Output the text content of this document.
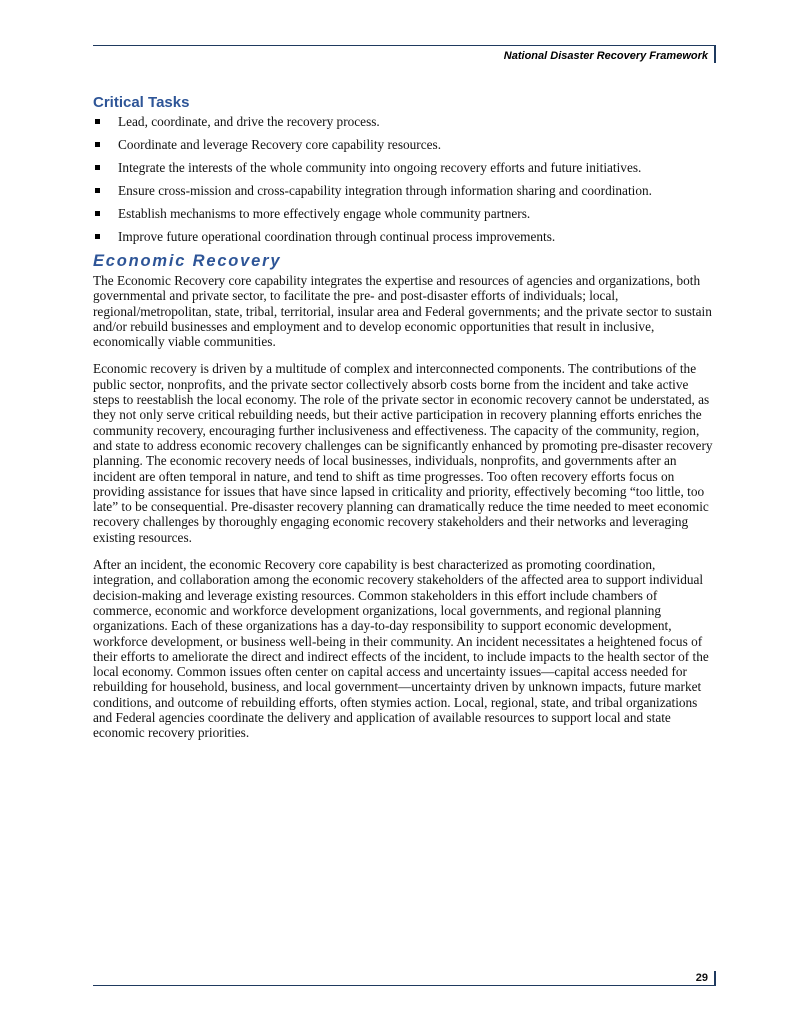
National Disaster Recovery Framework
Critical Tasks
Lead, coordinate, and drive the recovery process.
Coordinate and leverage Recovery core capability resources.
Integrate the interests of the whole community into ongoing recovery efforts and future initiatives.
Ensure cross-mission and cross-capability integration through information sharing and coordination.
Establish mechanisms to more effectively engage whole community partners.
Improve future operational coordination through continual process improvements.
Economic Recovery

The Economic Recovery core capability integrates the expertise and resources of agencies and organizations, both governmental and private sector, to facilitate the pre- and post-disaster efforts of individuals; local, regional/metropolitan, state, tribal, territorial, insular area and Federal governments; and the private sector to sustain and/or rebuild businesses and employment and to develop economic opportunities that result in inclusive, economically viable communities.

Economic recovery is driven by a multitude of complex and interconnected components. The contributions of the public sector, nonprofits, and the private sector collectively absorb costs borne from the incident and take active steps to reestablish the local economy. The role of the private sector in economic recovery cannot be understated, as they not only serve critical rebuilding needs, but their active participation in recovery planning efforts enriches the community recovery, encouraging further inclusiveness and effectiveness. The capacity of the community, region, and state to address economic recovery challenges can be significantly enhanced by promoting pre-disaster recovery planning. The economic recovery needs of local businesses, individuals, nonprofits, and governments after an incident are often temporal in nature, and tend to shift as time progresses. Too often recovery efforts focus on providing assistance for issues that have since lapsed in criticality and priority, effectively becoming “too little, too late” to be consequential. Pre-disaster recovery planning can dramatically reduce the time needed to meet economic recovery challenges by thoroughly engaging economic recovery stakeholders and their networks and leveraging existing resources.

After an incident, the economic Recovery core capability is best characterized as promoting coordination, integration, and collaboration among the economic recovery stakeholders of the affected area to support individual decision-making and leverage existing resources. Common stakeholders in this effort include chambers of commerce, economic and workforce development organizations, local governments, and regional planning organizations. Each of these organizations has a day-to-day responsibility to support economic development, workforce development, or business well-being in their community. An incident necessitates a heightened focus of their efforts to ameliorate the direct and indirect effects of the incident, to include impacts to the health sector of the local economy. Common issues often center on capital access and uncertainty issues—capital access needed for rebuilding for household, business, and local government—uncertainty driven by unknown impacts, future market conditions, and outcome of rebuilding efforts, often stymies action. Local, regional, state, and tribal organizations and Federal agencies coordinate the delivery and application of available resources to support local and state economic recovery priorities.

29
